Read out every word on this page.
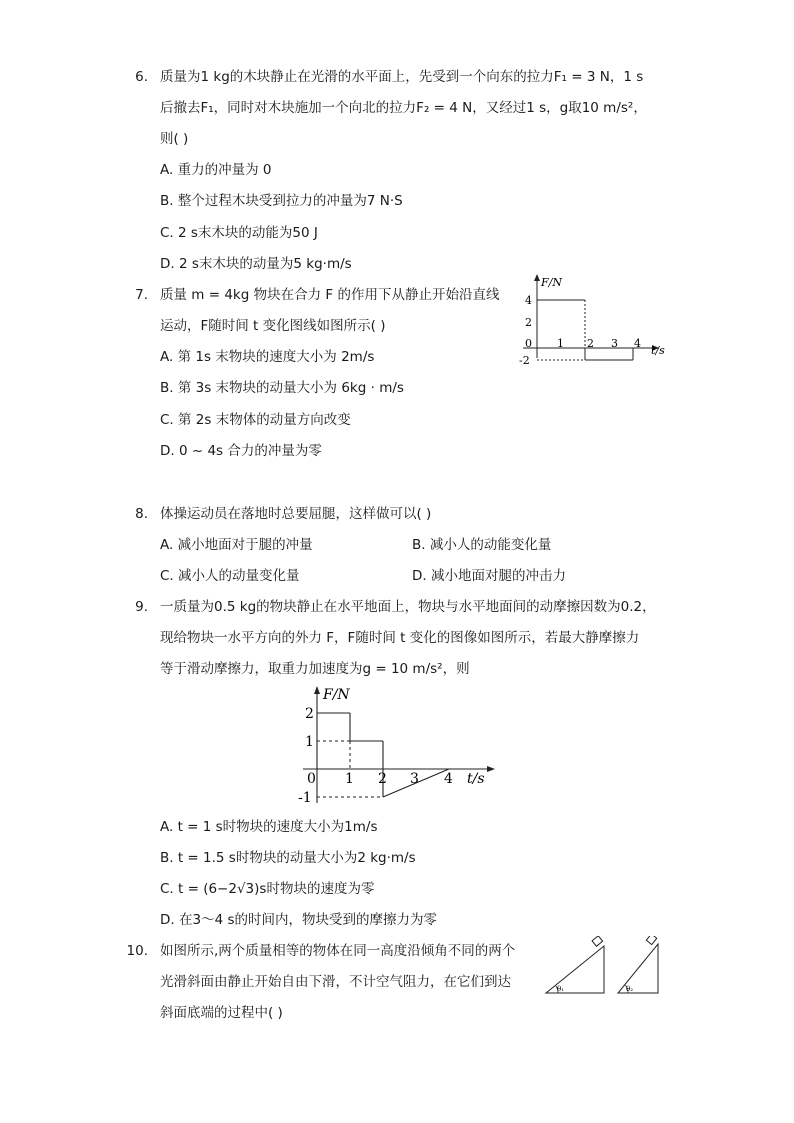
6. 质量为1 kg的木块静止在光滑的水平面上，先受到一个向东的拉力F₁ = 3 N，1 s
后撤去F₁，同时对木块施加一个向北的拉力F₂ = 4 N，又经过1 s，g取10 m/s²，
则( )
A. 重力的冲量为 0
B. 整个过程木块受到拉力的冲量为7 N·S
C. 2 s末木块的动能为50 J
D. 2 s末木块的动量为5 kg·m/s
7. 质量 m = 4kg 物块在合力 F 的作用下从静止开始沿直线
运动，F随时间 t 变化图线如图所示( )
A. 第 1s 末物块的速度大小为 2m/s
B. 第 3s 末物块的动量大小为 6kg · m/s
C. 第 2s 末物体的动量方向改变
D. 0 ~ 4s 合力的冲量为零
F/N
t/s
4
2
-2
0 1 2 3 4
8. 体操运动员在落地时总要屈腿，这样做可以( )
A. 减小地面对于腿的冲量	B. 减小人的动能变化量
C. 减小人的动量变化量	D. 减小地面对腿的冲击力
9. 一质量为0.5 kg的物块静止在水平地面上，物块与水平地面间的动摩擦因数为0.2，
现给物块一水平方向的外力 F，F随时间 t 变化的图像如图所示，若最大静摩擦力
等于滑动摩擦力，取重力加速度为g = 10 m/s²，则
F/N
t/s
2
1
-1
0 1 2 3 4
A. t = 1 s时物块的速度大小为1m/s
B. t = 1.5 s时物块的动量大小为2 kg·m/s
C. t = (6−2√3)s时物块的速度为零
D. 在3～4 s的时间内，物块受到的摩擦力为零
10. 如图所示,两个质量相等的物体在同一高度沿倾角不同的两个
光滑斜面由静止开始自由下滑，不计空气阻力，在它们到达
斜面底端的过程中( )
θ₁	θ₂
